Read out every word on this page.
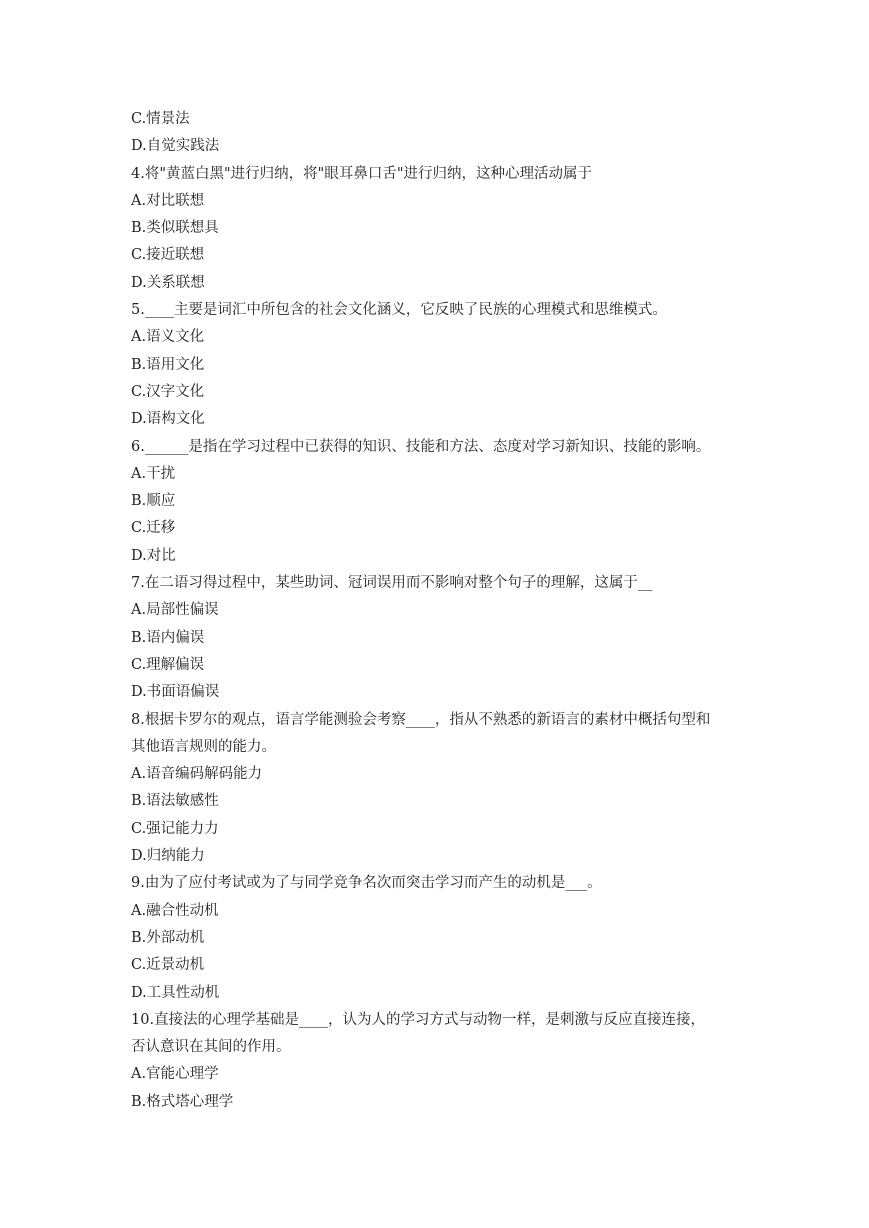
C.情景法
D.自觉实践法
4.将"黄蓝白黑"进行归纳，将"眼耳鼻口舌"进行归纳，这种心理活动属于
A.对比联想
B.类似联想具
C.接近联想
D.关系联想
5.____主要是词汇中所包含的社会文化涵义，它反映了民族的心理模式和思维模式。
A.语义文化
B.语用文化
C.汉字文化
D.语构文化
6.______是指在学习过程中已获得的知识、技能和方法、态度对学习新知识、技能的影响。
A.干扰
B.顺应
C.迁移
D.对比
7.在二语习得过程中，某些助词、冠词误用而不影响对整个句子的理解，这属于__
A.局部性偏误
B.语内偏误
C.理解偏误
D.书面语偏误
8.根据卡罗尔的观点，语言学能测验会考察____，指从不熟悉的新语言的素材中概括句型和
其他语言规则的能力。
A.语音编码解码能力
B.语法敏感性
C.强记能力力
D.归纳能力
9.由为了应付考试或为了与同学竞争名次而突击学习而产生的动机是___。
A.融合性动机
B.外部动机
C.近景动机
D.工具性动机
10.直接法的心理学基础是____，认为人的学习方式与动物一样，是刺激与反应直接连接，
否认意识在其间的作用。
A.官能心理学
B.格式塔心理学
